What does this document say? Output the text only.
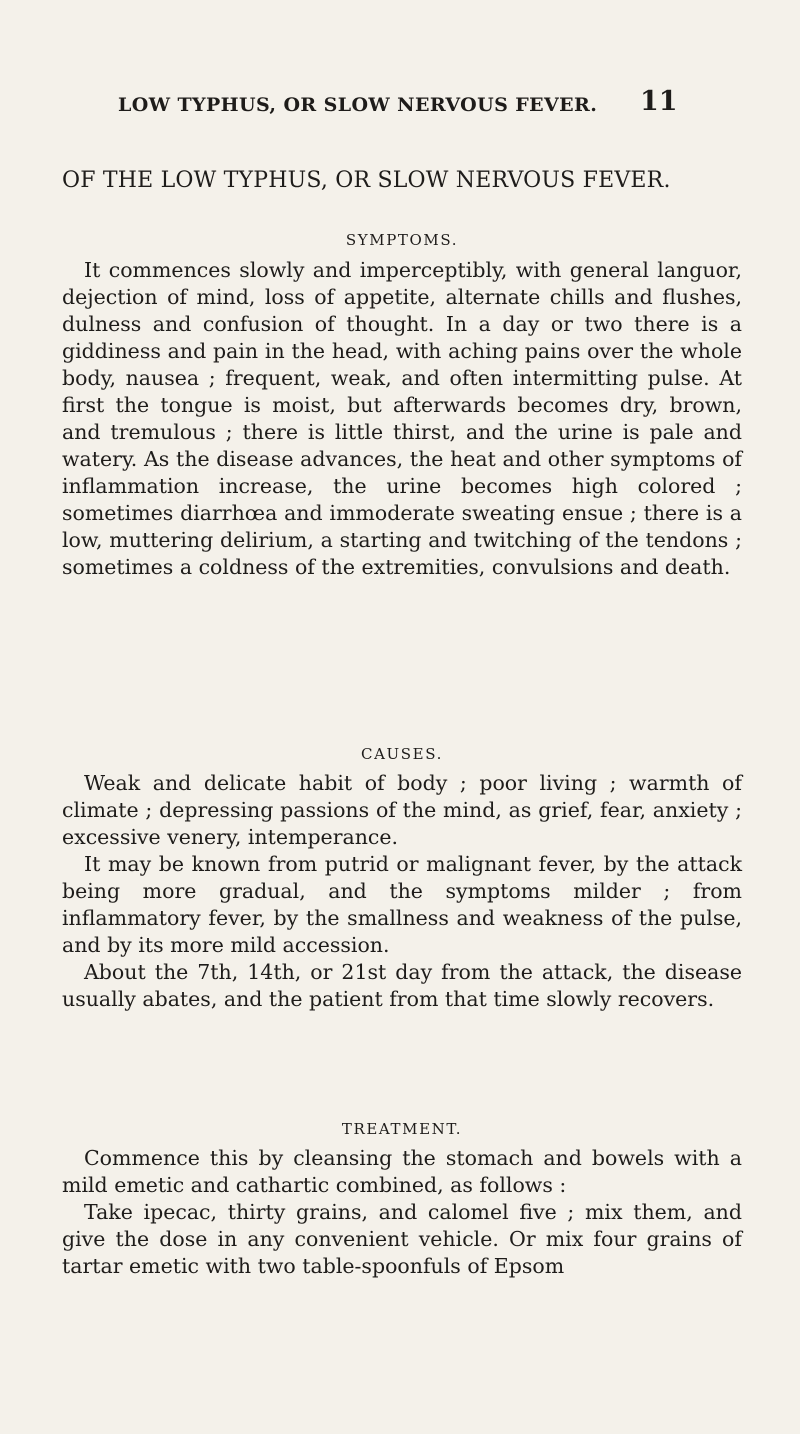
LOW TYPHUS, OR SLOW NERVOUS FEVER.	11
OF THE LOW TYPHUS, OR SLOW NERVOUS FEVER.
SYMPTOMS.

It commences slowly and imperceptibly, with general languor, dejection of mind, loss of appetite, alternate chills and flushes, dulness and confusion of thought. In a day or two there is a giddiness and pain in the head, with aching pains over the whole body, nausea ; frequent, weak, and often intermitting pulse. At first the tongue is moist, but afterwards becomes dry, brown, and tremulous ; there is little thirst, and the urine is pale and watery. As the disease advances, the heat and other symptoms of inflammation increase, the urine becomes high colored ; sometimes diarrhœa and immoderate sweating ensue ; there is a low, muttering delirium, a starting and twitching of the tendons ; sometimes a coldness of the extremities, convulsions and death.

CAUSES.

Weak and delicate habit of body ; poor living ; warmth of climate ; depressing passions of the mind, as grief, fear, anxiety ; excessive venery, intemperance.

It may be known from putrid or malignant fever, by the attack being more gradual, and the symptoms milder ; from inflammatory fever, by the smallness and weakness of the pulse, and by its more mild accession.

About the 7th, 14th, or 21st day from the attack, the disease usually abates, and the patient from that time slowly recovers.

TREATMENT.

Commence this by cleansing the stomach and bowels with a mild emetic and cathartic combined, as follows :

Take ipecac, thirty grains, and calomel five ; mix them, and give the dose in any convenient vehicle. Or mix four grains of tartar emetic with two table-spoonfuls of Epsom
